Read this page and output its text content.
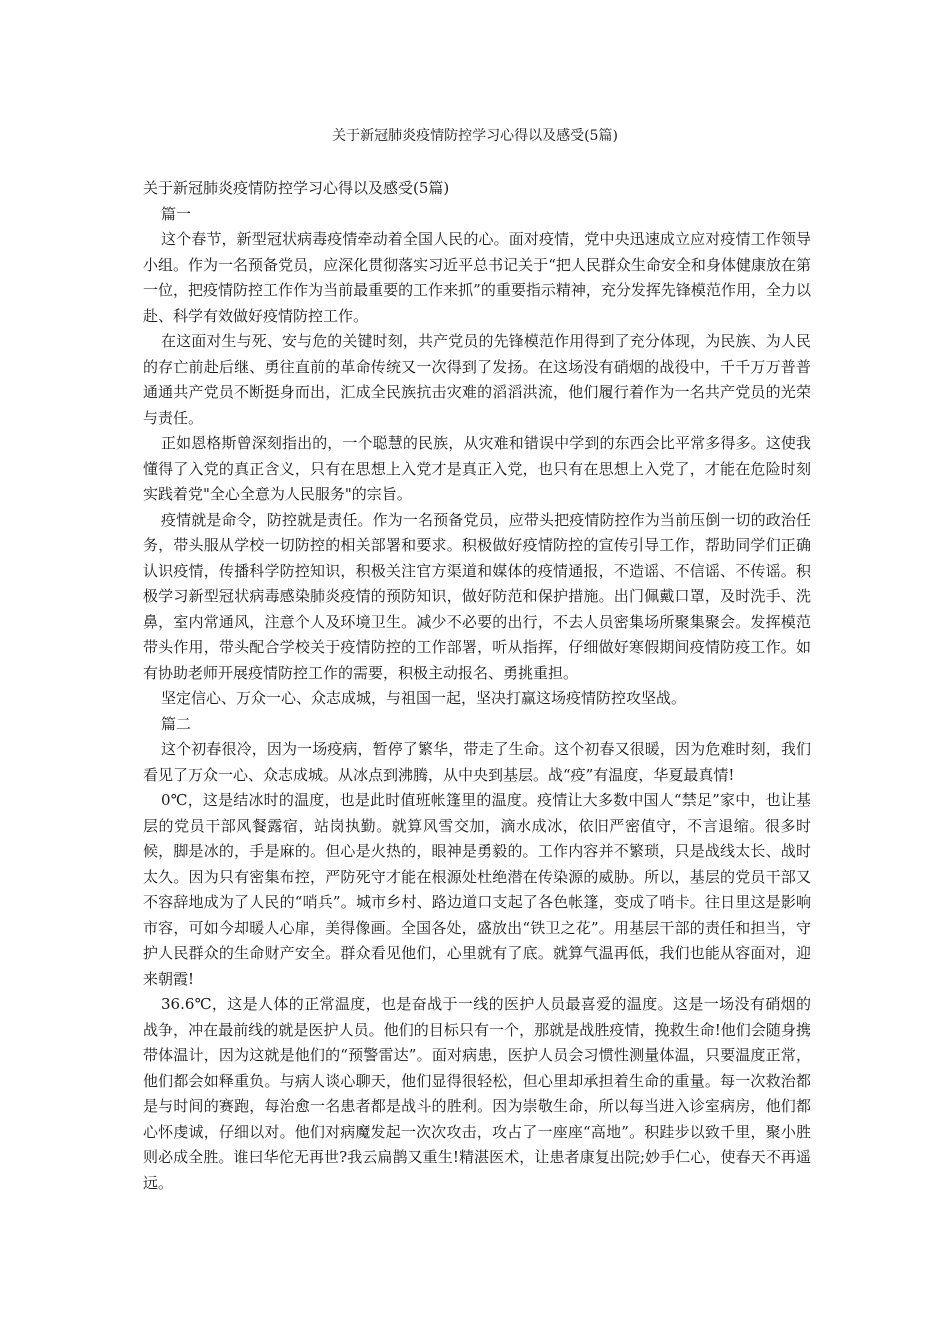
关于新冠肺炎疫情防控学习心得以及感受(5篇)

关于新冠肺炎疫情防控学习心得以及感受(5篇)

篇一

这个春节，新型冠状病毒疫情牵动着全国人民的心。面对疫情，党中央迅速成立应对疫情工作领导小组。作为一名预备党员，应深化贯彻落实习近平总书记关于“把人民群众生命安全和身体健康放在第一位，把疫情防控工作作为当前最重要的工作来抓”的重要指示精神，充分发挥先锋模范作用，全力以赴、科学有效做好疫情防控工作。

在这面对生与死、安与危的关键时刻，共产党员的先锋模范作用得到了充分体现，为民族、为人民的存亡前赴后继、勇往直前的革命传统又一次得到了发扬。在这场没有硝烟的战役中，千千万万普普通通共产党员不断挺身而出，汇成全民族抗击灾难的滔滔洪流，他们履行着作为一名共产党员的光荣与责任。

正如恩格斯曾深刻指出的，一个聪慧的民族，从灾难和错误中学到的东西会比平常多得多。这使我懂得了入党的真正含义，只有在思想上入党才是真正入党，也只有在思想上入党了，才能在危险时刻实践着党"全心全意为人民服务"的宗旨。

疫情就是命令，防控就是责任。作为一名预备党员，应带头把疫情防控作为当前压倒一切的政治任务，带头服从学校一切防控的相关部署和要求。积极做好疫情防控的宣传引导工作，帮助同学们正确认识疫情，传播科学防控知识，积极关注官方渠道和媒体的疫情通报，不造谣、不信谣、不传谣。积极学习新型冠状病毒感染肺炎疫情的预防知识，做好防范和保护措施。出门佩戴口罩，及时洗手、洗鼻，室内常通风，注意个人及环境卫生。减少不必要的出行，不去人员密集场所聚集聚会。发挥模范带头作用，带头配合学校关于疫情防控的工作部署，听从指挥，仔细做好寒假期间疫情防疫工作。如有协助老师开展疫情防控工作的需要，积极主动报名、勇挑重担。

坚定信心、万众一心、众志成城，与祖国一起，坚决打赢这场疫情防控攻坚战。

篇二

这个初春很冷，因为一场疫病，暂停了繁华，带走了生命。这个初春又很暖，因为危难时刻，我们看见了万众一心、众志成城。从冰点到沸腾，从中央到基层。战“疫”有温度，华夏最真情!

0℃，这是结冰时的温度，也是此时值班帐篷里的温度。疫情让大多数中国人“禁足”家中，也让基层的党员干部风餐露宿，站岗执勤。就算风雪交加，滴水成冰，依旧严密值守，不言退缩。很多时候，脚是冰的，手是麻的。但心是火热的，眼神是勇毅的。工作内容并不繁琐，只是战线太长、战时太久。因为只有密集布控，严防死守才能在根源处杜绝潜在传染源的威胁。所以，基层的党员干部又不容辞地成为了人民的“哨兵”。城市乡村、路边道口支起了各色帐篷，变成了哨卡。往日里这是影响市容，可如今却暖人心扉，美得像画。全国各处，盛放出“铁卫之花”。用基层干部的责任和担当，守护人民群众的生命财产安全。群众看见他们，心里就有了底。就算气温再低，我们也能从容面对，迎来朝霞!

36.6℃，这是人体的正常温度，也是奋战于一线的医护人员最喜爱的温度。这是一场没有硝烟的战争，冲在最前线的就是医护人员。他们的目标只有一个，那就是战胜疫情，挽救生命!他们会随身携带体温计，因为这就是他们的“预警雷达”。面对病患，医护人员会习惯性测量体温，只要温度正常，他们都会如释重负。与病人谈心聊天，他们显得很轻松，但心里却承担着生命的重量。每一次救治都是与时间的赛跑，每治愈一名患者都是战斗的胜利。因为崇敬生命，所以每当进入诊室病房，他们都心怀虔诚，仔细以对。他们对病魔发起一次次攻击，攻占了一座座“高地”。积跬步以致千里，聚小胜则必成全胜。谁曰华佗无再世?我云扁鹊又重生!精湛医术，让患者康复出院;妙手仁心，使春天不再遥远。
